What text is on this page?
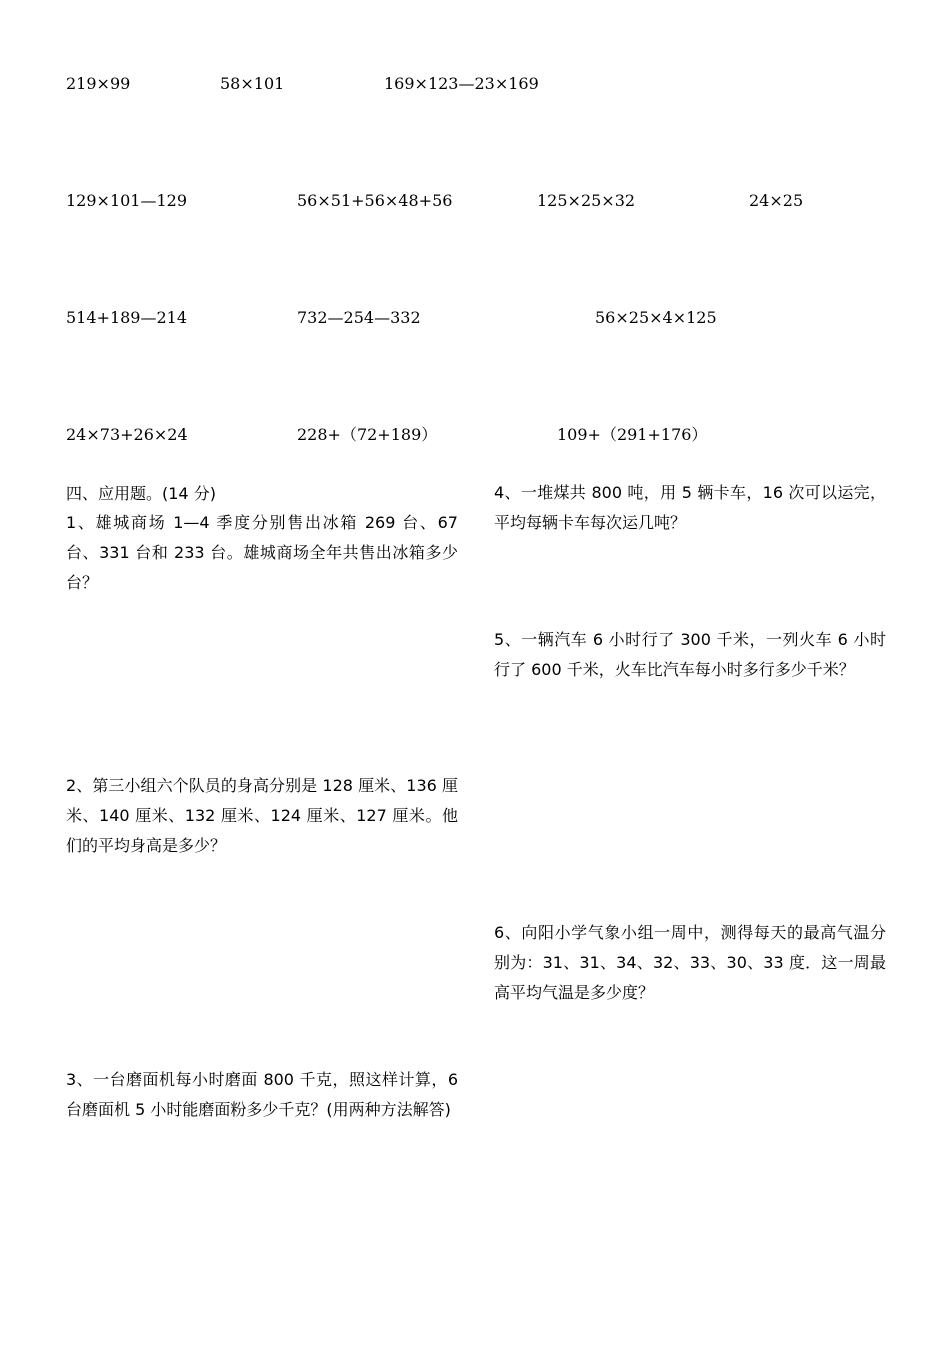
219×99	58×101	169×123—23×169
129×101—129	56×51+56×48+56	125×25×32	24×25
514+189—214	732—254—332	56×25×4×125
24×73+26×24	228+（72+189）	109+（291+176）
四、应用题。(14 分)
1、雄城商场 1—4 季度分别售出冰箱 269 台、67 台、331 台和 233 台。雄城商场全年共售出冰箱多少台？
2、第三小组六个队员的身高分别是 128 厘米、136 厘米、140 厘米、132 厘米、124 厘米、127 厘米。他们的平均身高是多少？
3、一台磨面机每小时磨面 800 千克，照这样计算，6 台磨面机 5 小时能磨面粉多少千克？(用两种方法解答)
4、一堆煤共 800 吨，用 5 辆卡车，16 次可以运完，平均每辆卡车每次运几吨？
5、一辆汽车 6 小时行了 300 千米，一列火车 6 小时行了 600 千米，火车比汽车每小时多行多少千米？
6、向阳小学气象小组一周中，测得每天的最高气温分别为：31、31、34、32、33、30、33 度．这一周最高平均气温是多少度？
